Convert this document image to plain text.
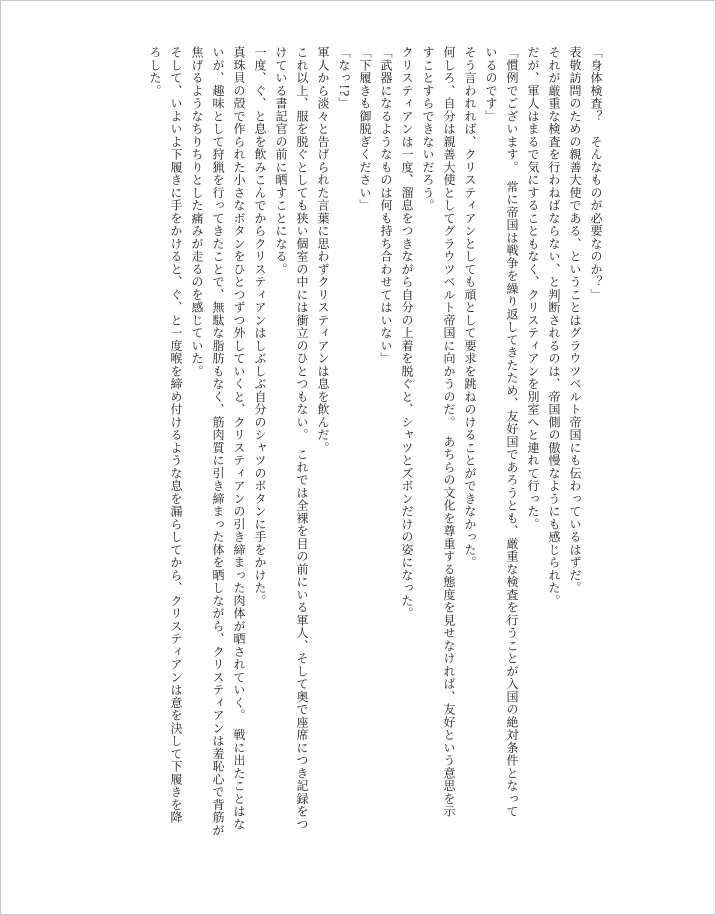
「身体検査？　そんなものが必要なのか？」
表敬訪問のための親善大使である、ということはグラウツベルト帝国にも伝わっているはずだ。
それが厳重な検査を行わねばならない、と判断されるのは、帝国側の傲慢なようにも感じられた。
だが、軍人はまるで気にすることもなく、クリスティアンを別室へと連れて行った。
「慣例でございます。　常に帝国は戦争を繰り返してきたため、友好国であろうとも、厳重な検査を行うことが入国の絶対条件となって
いるのです」
そう言われれば、クリスティアンとしても頑として要求を跳ねのけることができなかった。
何しろ、自分は親善大使としてグラウツベルト帝国に向かうのだ。　あちらの文化を尊重する態度を見せなければ、友好という意思を示
すことすらできないだろう。
クリスティアンは一度、溜息をつきながら自分の上着を脱ぐと、シャツとズボンだけの姿になった。
「武器になるようなものは何も持ち合わせてはいない」
「下履きも御脱ぎください」
「なっ!?」
軍人から淡々と告げられた言葉に思わずクリスティアンは息を飲んだ。
これ以上、服を脱ぐとしても狭い個室の中には衝立のひとつもない。　これでは全裸を目の前にいる軍人、そして奥で座席につき記録をつ
けている書記官の前に晒すことになる。
一度、ぐ、と息を飲みこんでからクリスティアンはしぶしぶ自分のシャツのボタンに手をかけた。
真珠貝の殻で作られた小さなボタンをひとつずつ外していくと、クリスティアンの引き締まった肉体が晒されていく。　戦に出たことはな
いが、趣味として狩猟を行ってきたことで、無駄な脂肪もなく、筋肉質に引き締まった体を晒しながら、クリスティアンは羞恥心で背筋が
焦げるようなちりちりとした痛みが走るのを感じていた。
そして、いよいよ下履きに手をかけると、ぐ、と一度喉を締め付けるような息を漏らしてから、クリスティアンは意を決して下履きを降
ろした。
